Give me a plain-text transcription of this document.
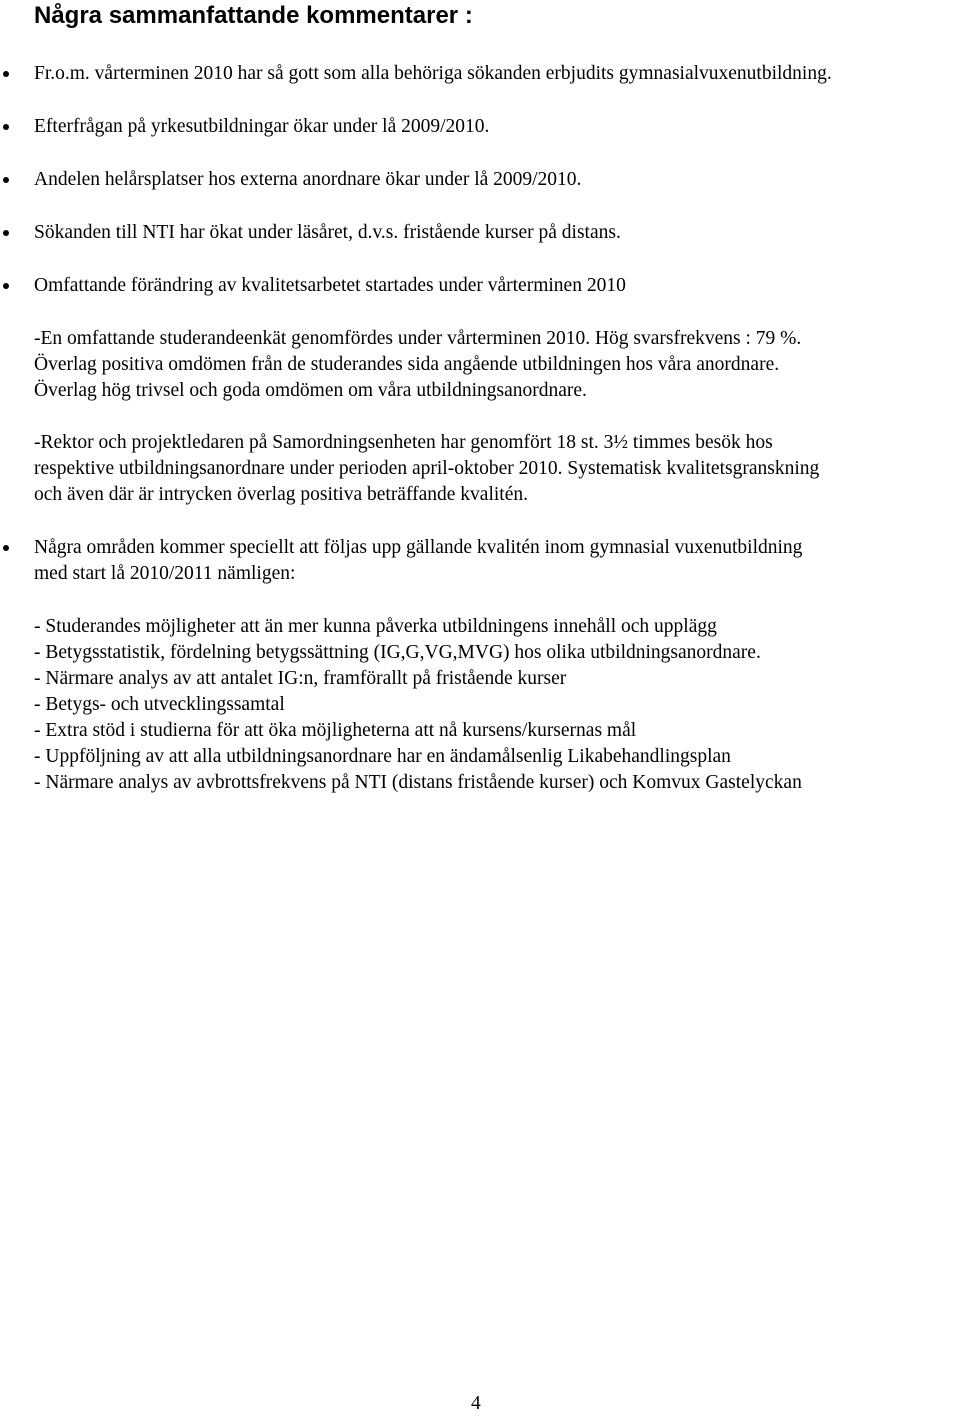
Några sammanfattande kommentarer :
Fr.o.m. vårterminen 2010 har så gott som alla behöriga sökanden erbjudits gymnasialvuxenutbildning.
Efterfrågan på yrkesutbildningar ökar under lå 2009/2010.
Andelen helårsplatser hos externa anordnare ökar under lå 2009/2010.
Sökanden till NTI har ökat under läsåret, d.v.s. fristående kurser på distans.
Omfattande förändring av kvalitetsarbetet startades under vårterminen 2010
-En omfattande studerandeenkät genomfördes under vårterminen 2010. Hög svarsfrekvens : 79 %.
Överlag positiva omdömen från de studerandes sida angående utbildningen hos våra anordnare.
Överlag hög trivsel och goda omdömen om våra utbildningsanordnare.
-Rektor och projektledaren på Samordningsenheten har genomfört 18 st. 3½ timmes besök hos
respektive utbildningsanordnare under perioden april-oktober 2010. Systematisk kvalitetsgranskning
och även där är intrycken överlag positiva beträffande kvalitén.
Några områden kommer speciellt att följas upp gällande kvalitén inom gymnasial vuxenutbildning
med start lå 2010/2011 nämligen:
- Studerandes möjligheter att än mer kunna påverka utbildningens innehåll och upplägg
- Betygsstatistik, fördelning betygssättning (IG,G,VG,MVG) hos olika utbildningsanordnare.
- Närmare analys av att antalet IG:n, framförallt på fristående kurser
- Betygs- och utvecklingssamtal
- Extra stöd i studierna för att öka möjligheterna att nå kursens/kursernas mål
- Uppföljning av att alla utbildningsanordnare har en ändamålsenlig Likabehandlingsplan
- Närmare analys av avbrottsfrekvens på NTI (distans fristående kurser) och Komvux Gastelyckan
4
